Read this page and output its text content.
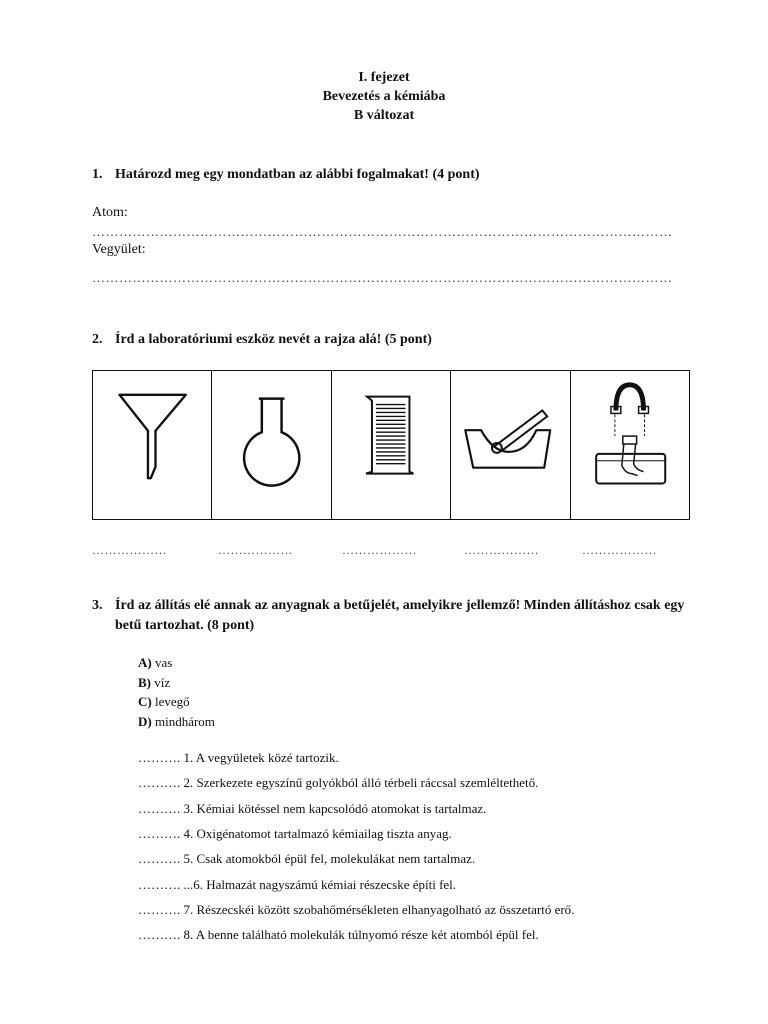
I. fejezet
Bevezetés a kémiába
B változat
1. Határozd meg egy mondatban az alábbi fogalmakat! (4 pont)
Atom:
…………………………………………………………………………………………………………………
Vegyület:
…………………………………………………………………………………………………………………
2. Írd a laboratóriumi eszköz nevét a rajza alá! (5 pont)
………………	………………	………………	………………	………………
3. Írd az állítás elé annak az anyagnak a betűjelét, amelyikre jellemző! Minden állításhoz csak egy betű tartozhat. (8 pont)
A) vas
B) víz
C) levegő
D) mindhárom
………. 1. A vegyületek közé tartozik.
………. 2. Szerkezete egyszínű golyókból álló térbeli ráccsal szemléltethető.
………. 3. Kémiai kötéssel nem kapcsolódó atomokat is tartalmaz.
………. 4. Oxigénatomot tartalmazó kémiailag tiszta anyag.
………. 5. Csak atomokból épül fel, molekulákat nem tartalmaz.
………. ...6. Halmazát nagyszámú kémiai részecske építi fel.
………. 7. Részecskéi között szobahőmérsékleten elhanyagolható az összetartó erő.
………. 8. A benne található molekulák túlnyomó része két atomból épül fel.
